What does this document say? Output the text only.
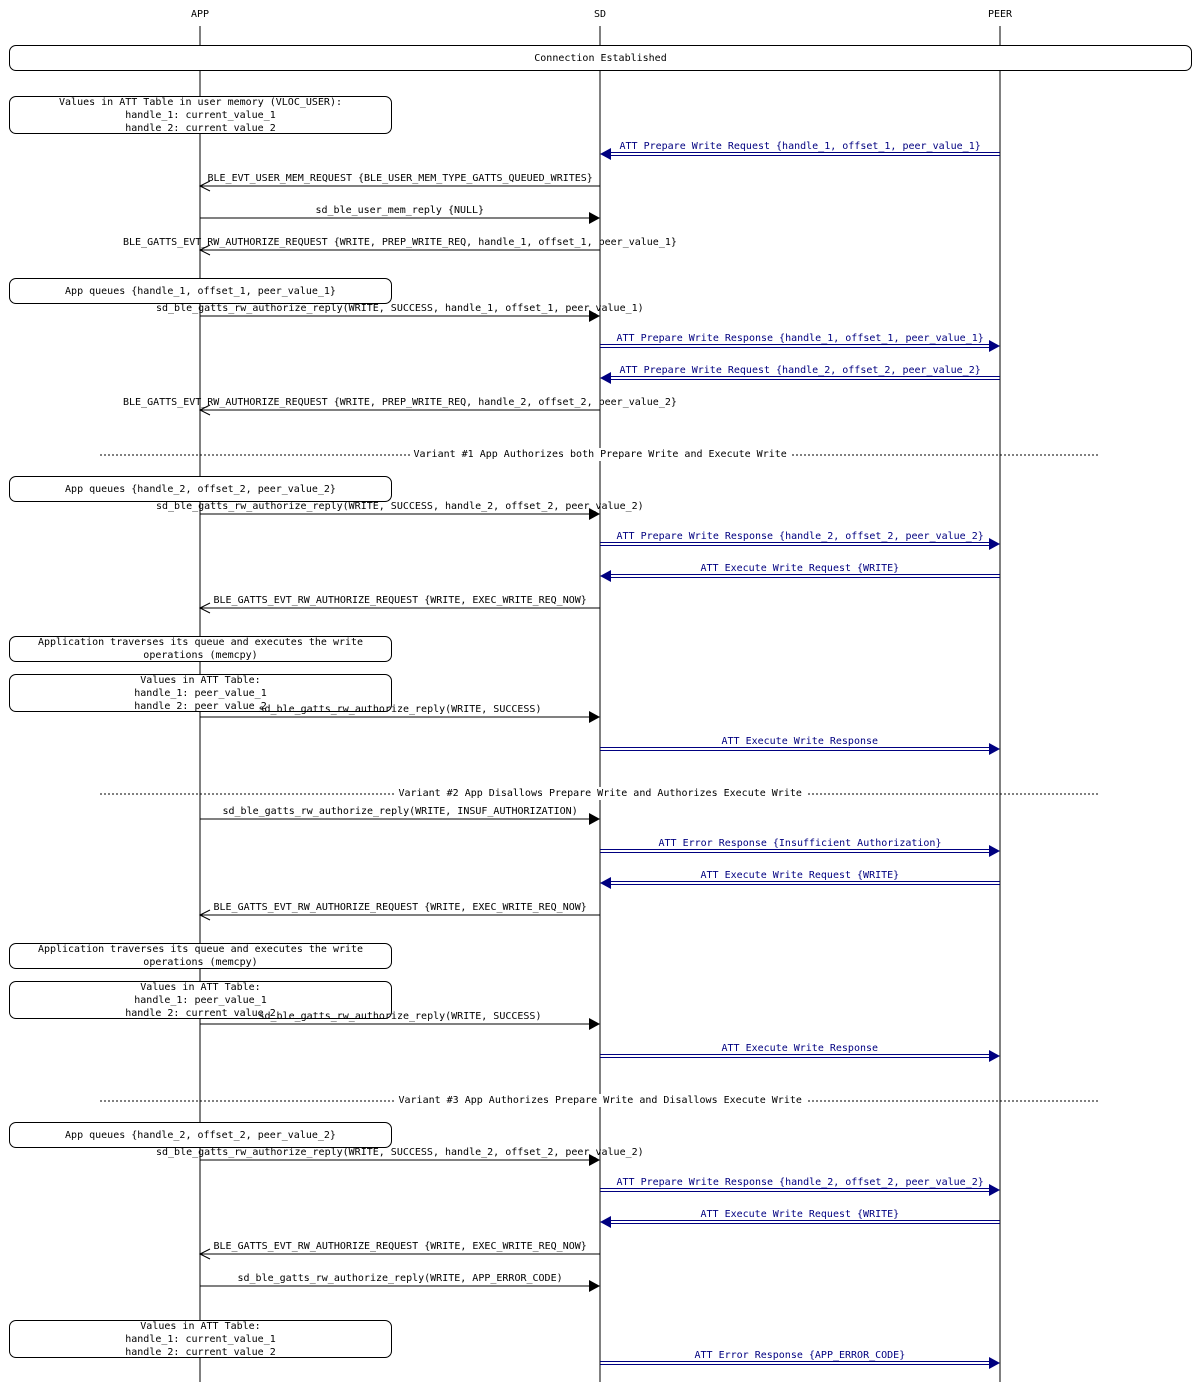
APP	SD	PEER
Connection Established
Values in ATT Table in user memory (VLOC_USER):
handle_1: current_value_1
handle_2: current_value_2
ATT Prepare Write Request {handle_1, offset_1, peer_value_1}
BLE_EVT_USER_MEM_REQUEST {BLE_USER_MEM_TYPE_GATTS_QUEUED_WRITES}
sd_ble_user_mem_reply {NULL}
BLE_GATTS_EVT_RW_AUTHORIZE_REQUEST {WRITE, PREP_WRITE_REQ, handle_1, offset_1, peer_value_1}
App queues {handle_1, offset_1, peer_value_1}
sd_ble_gatts_rw_authorize_reply(WRITE, SUCCESS, handle_1, offset_1, peer_value_1)
ATT Prepare Write Response {handle_1, offset_1, peer_value_1}
ATT Prepare Write Request {handle_2, offset_2, peer_value_2}
BLE_GATTS_EVT_RW_AUTHORIZE_REQUEST {WRITE, PREP_WRITE_REQ, handle_2, offset_2, peer_value_2}
Variant #1 App Authorizes both Prepare Write and Execute Write
App queues {handle_2, offset_2, peer_value_2}
sd_ble_gatts_rw_authorize_reply(WRITE, SUCCESS, handle_2, offset_2, peer_value_2)
ATT Prepare Write Response {handle_2, offset_2, peer_value_2}
ATT Execute Write Request {WRITE}
BLE_GATTS_EVT_RW_AUTHORIZE_REQUEST {WRITE, EXEC_WRITE_REQ_NOW}
Application traverses its queue and executes the write
operations (memcpy)
Values in ATT Table:
handle_1: peer_value_1
handle_2: peer_value_2
sd_ble_gatts_rw_authorize_reply(WRITE, SUCCESS)
ATT Execute Write Response
Variant #2 App Disallows Prepare Write and Authorizes Execute Write
sd_ble_gatts_rw_authorize_reply(WRITE, INSUF_AUTHORIZATION)
ATT Error Response {Insufficient Authorization}
ATT Execute Write Request {WRITE}
BLE_GATTS_EVT_RW_AUTHORIZE_REQUEST {WRITE, EXEC_WRITE_REQ_NOW}
Application traverses its queue and executes the write
operations (memcpy)
Values in ATT Table:
handle_1: peer_value_1
handle_2: current_value_2
sd_ble_gatts_rw_authorize_reply(WRITE, SUCCESS)
ATT Execute Write Response
Variant #3 App Authorizes Prepare Write and Disallows Execute Write
App queues {handle_2, offset_2, peer_value_2}
sd_ble_gatts_rw_authorize_reply(WRITE, SUCCESS, handle_2, offset_2, peer_value_2)
ATT Prepare Write Response {handle_2, offset_2, peer_value_2}
ATT Execute Write Request {WRITE}
BLE_GATTS_EVT_RW_AUTHORIZE_REQUEST {WRITE, EXEC_WRITE_REQ_NOW}
sd_ble_gatts_rw_authorize_reply(WRITE, APP_ERROR_CODE)
Values in ATT Table:
handle_1: current_value_1
handle_2: current_value_2	ATT Error Response {APP_ERROR_CODE}
